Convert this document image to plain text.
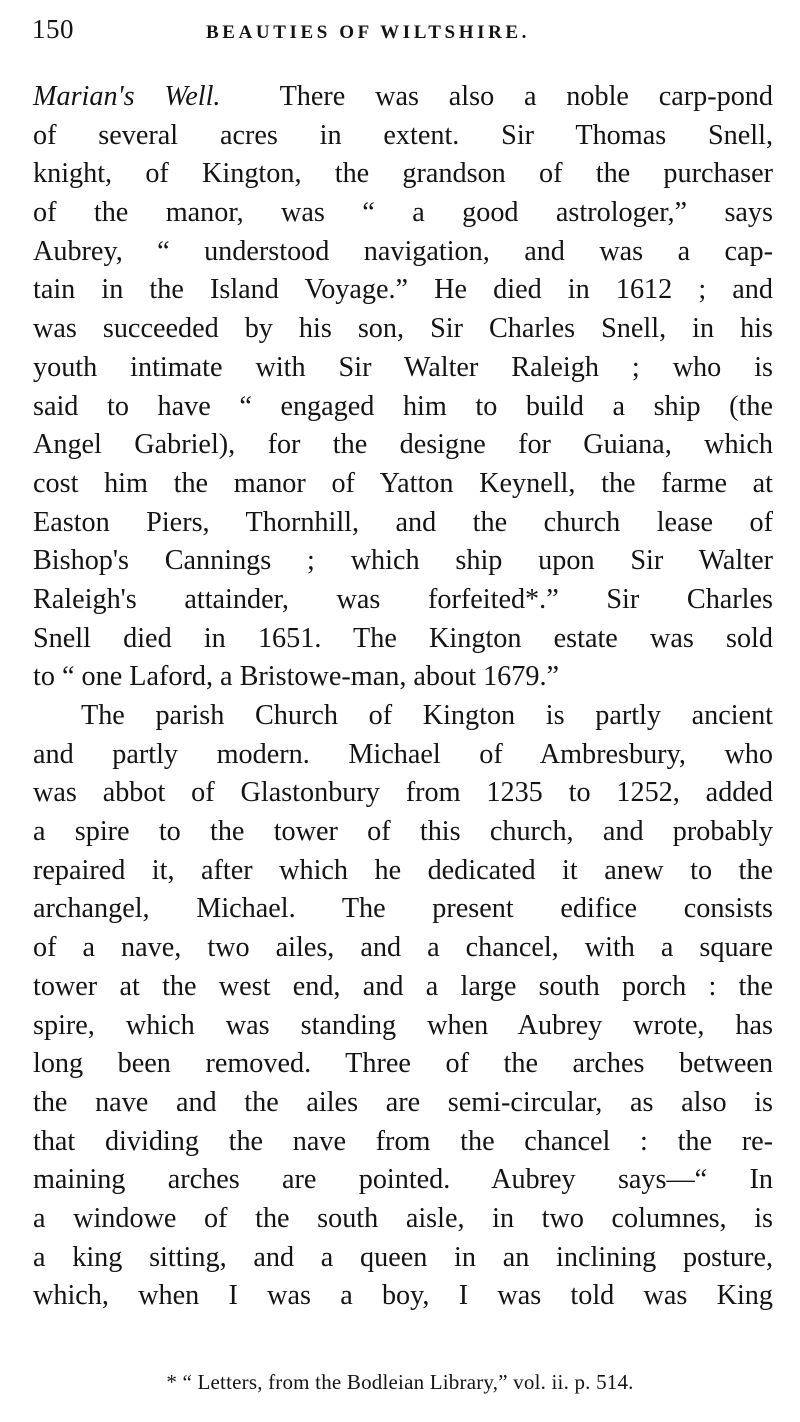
150	BEAUTIES OF WILTSHIRE.
Marian's Well. There was also a noble carp-pond
of several acres in extent. Sir Thomas Snell,
knight, of Kington, the grandson of the purchaser
of the manor, was “ a good astrologer,” says
Aubrey, “ understood navigation, and was a cap-
tain in the Island Voyage.” He died in 1612 ; and
was succeeded by his son, Sir Charles Snell, in his
youth intimate with Sir Walter Raleigh ; who is
said to have “ engaged him to build a ship (the
Angel Gabriel), for the designe for Guiana, which
cost him the manor of Yatton Keynell, the farme at
Easton Piers, Thornhill, and the church lease of
Bishop's Cannings ; which ship upon Sir Walter
Raleigh's attainder, was forfeited*.” Sir Charles
Snell died in 1651. The Kington estate was sold
to “ one Laford, a Bristowe-man, about 1679.”
The parish Church of Kington is partly ancient
and partly modern. Michael of Ambresbury, who
was abbot of Glastonbury from 1235 to 1252, added
a spire to the tower of this church, and probably
repaired it, after which he dedicated it anew to the
archangel, Michael. The present edifice consists
of a nave, two ailes, and a chancel, with a square
tower at the west end, and a large south porch : the
spire, which was standing when Aubrey wrote, has
long been removed. Three of the arches between
the nave and the ailes are semi-circular, as also is
that dividing the nave from the chancel : the re-
maining arches are pointed. Aubrey says—“ In
a windowe of the south aisle, in two columnes, is
a king sitting, and a queen in an inclining posture,
which, when I was a boy, I was told was King
* “ Letters, from the Bodleian Library,” vol. ii. p. 514.
